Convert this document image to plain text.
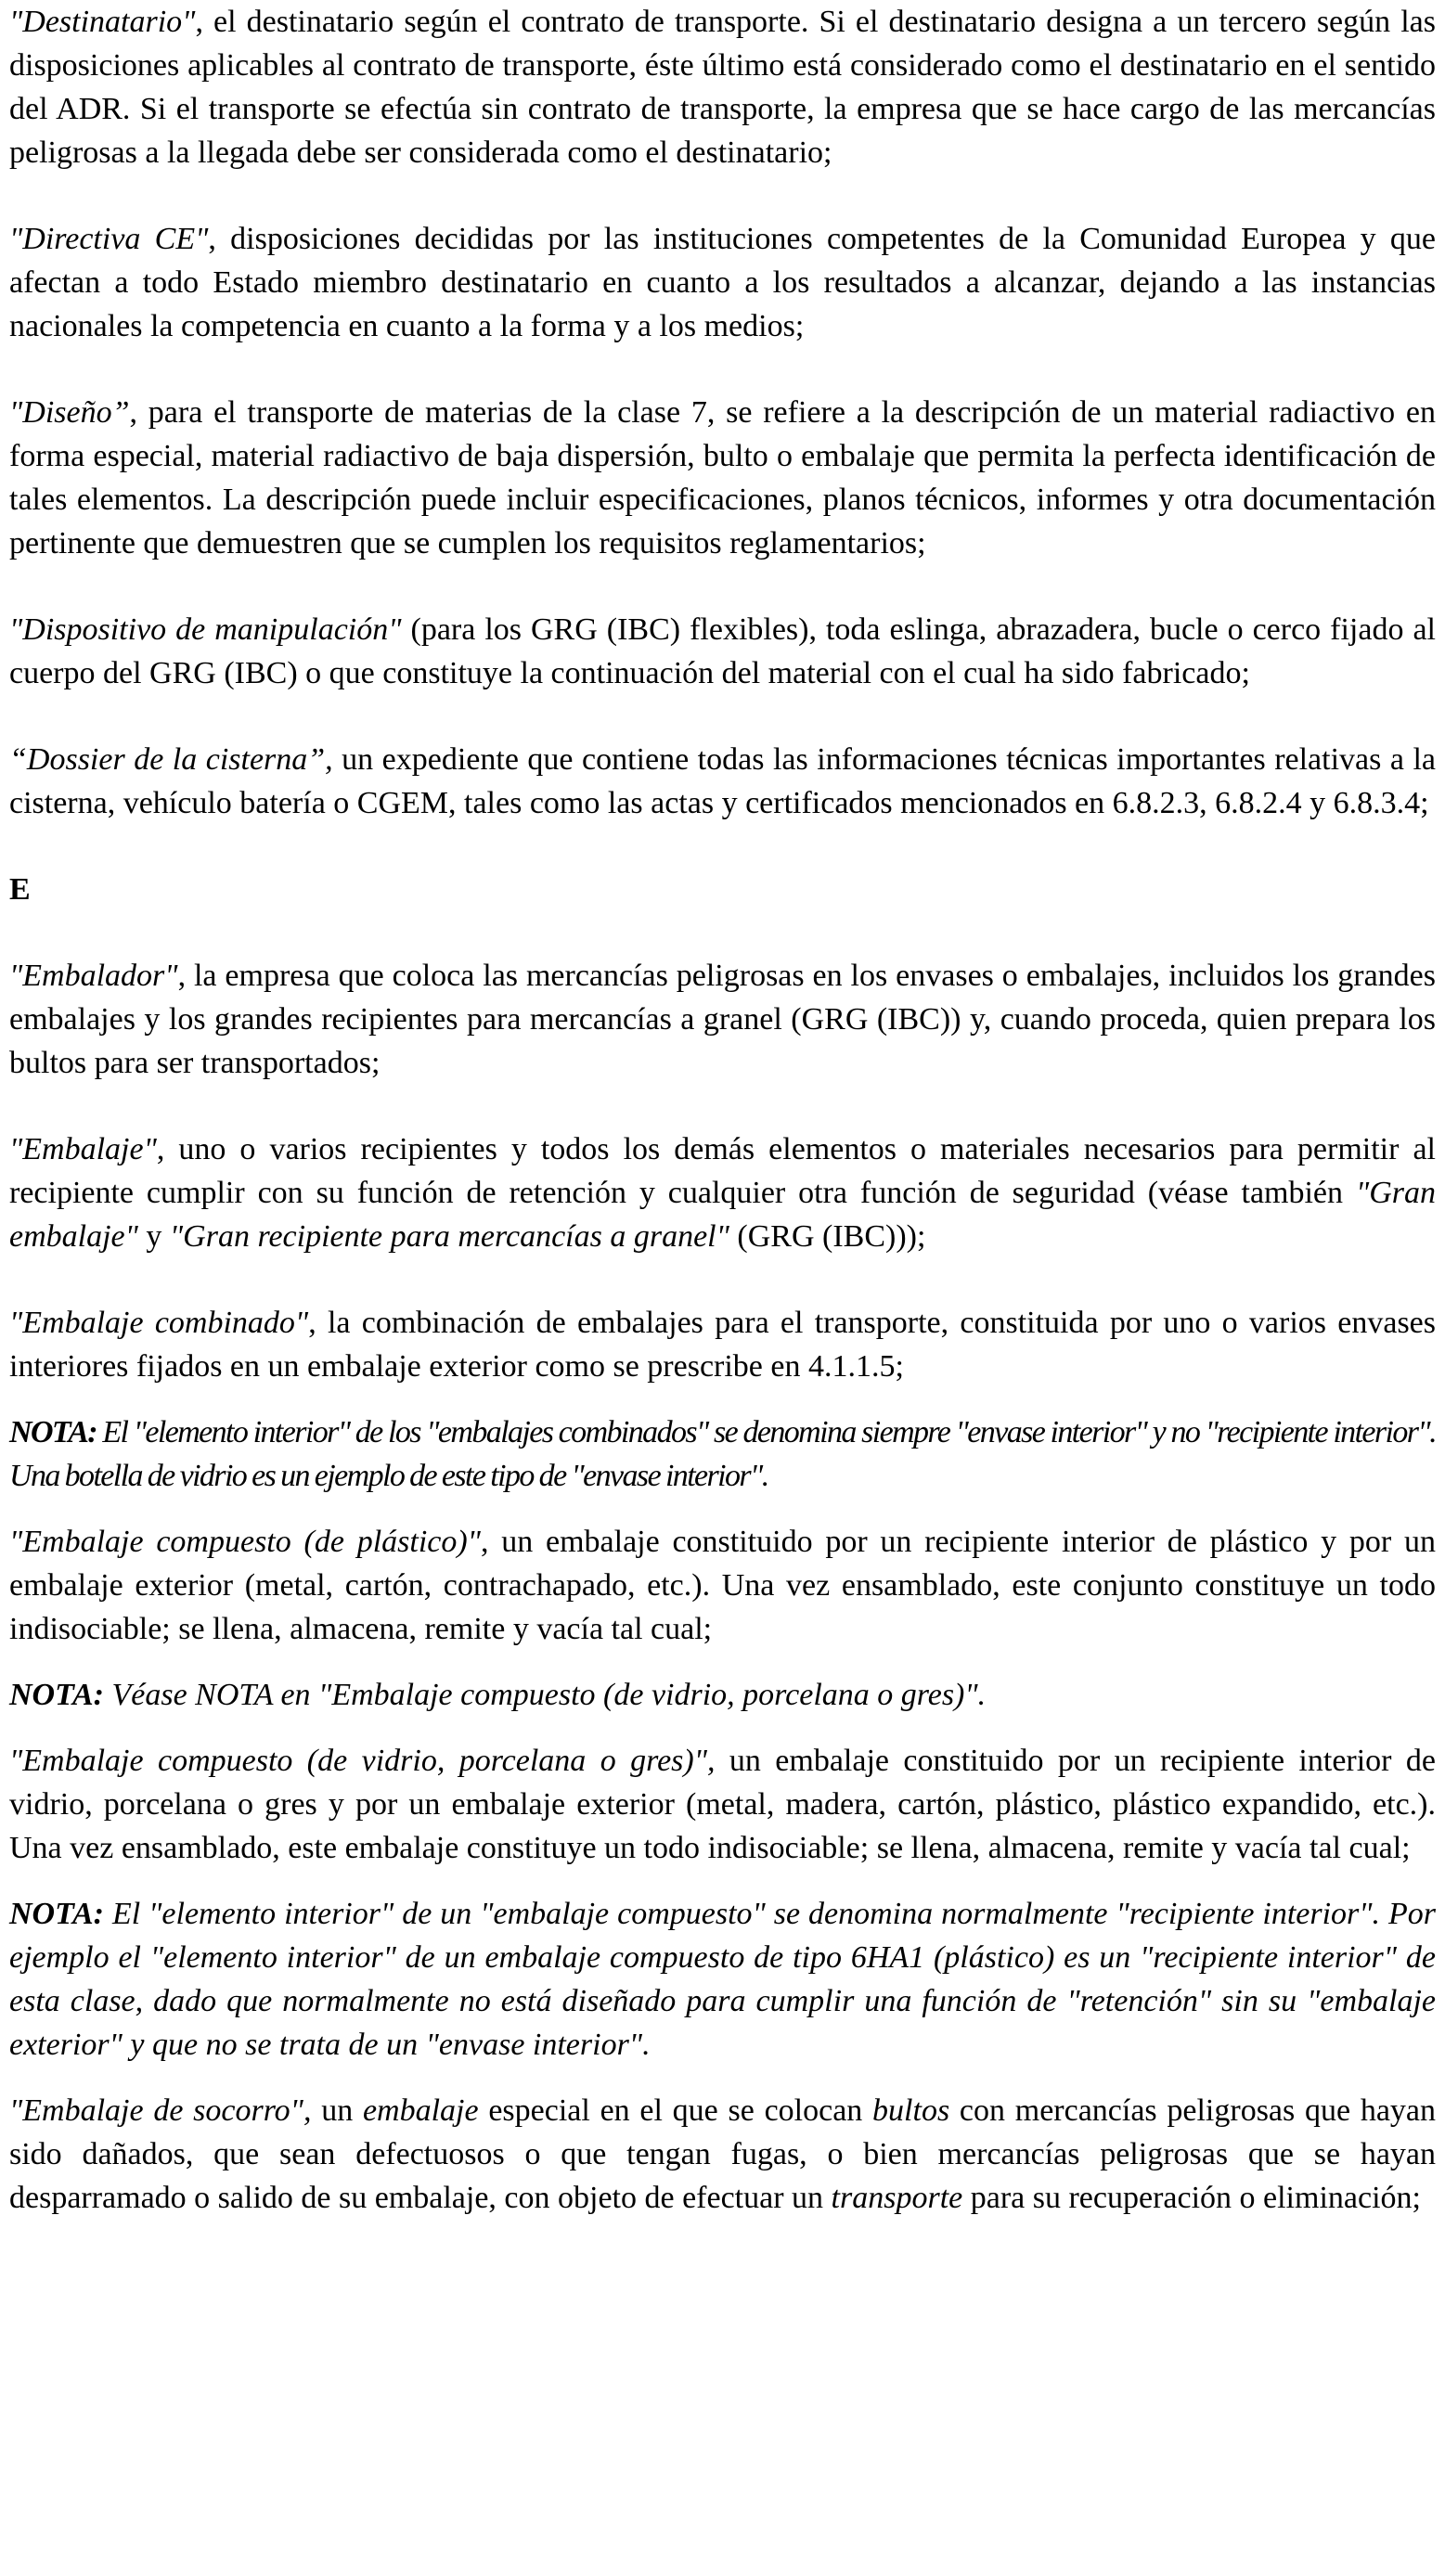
"Destinatario", el destinatario según el contrato de transporte. Si el destinatario designa a un tercero según las disposiciones aplicables al contrato de transporte, éste último está considerado como el destinatario en el sentido del ADR. Si el transporte se efectúa sin contrato de transporte, la empresa que se hace cargo de las mercancías peligrosas a la llegada debe ser considerada como el destinatario;

"Directiva CE", disposiciones decididas por las instituciones competentes de la Comunidad Europea y que afectan a todo Estado miembro destinatario en cuanto a los resultados a alcanzar, dejando a las instancias nacionales la competencia en cuanto a la forma y a los medios;

"Diseño”, para el transporte de materias de la clase 7, se refiere a la descripción de un material radiactivo en forma especial, material radiactivo de baja dispersión, bulto o embalaje que permita la perfecta identificación de tales elementos. La descripción puede incluir especificaciones, planos técnicos, informes y otra documentación pertinente que demuestren que se cumplen los requisitos reglamentarios;

"Dispositivo de manipulación" (para los GRG (IBC) flexibles), toda eslinga, abrazadera, bucle o cerco fijado al cuerpo del GRG (IBC) o que constituye la continuación del material con el cual ha sido fabricado;

“Dossier de la cisterna”, un expediente que contiene todas las informaciones técnicas importantes relativas a la cisterna, vehículo batería o CGEM, tales como las actas y certificados mencionados en 6.8.2.3, 6.8.2.4 y 6.8.3.4;

E

"Embalador", la empresa que coloca las mercancías peligrosas en los envases o embalajes, incluidos los grandes embalajes y los grandes recipientes para mercancías a granel (GRG (IBC)) y, cuando proceda, quien prepara los bultos para ser transportados;

"Embalaje", uno o varios recipientes y todos los demás elementos o materiales necesarios para permitir al recipiente cumplir con su función de retención y cualquier otra función de seguridad (véase también "Gran embalaje" y "Gran recipiente para mercancías a granel" (GRG (IBC)));

"Embalaje combinado", la combinación de embalajes para el transporte, constituida por uno o varios envases interiores fijados en un embalaje exterior como se prescribe en 4.1.1.5;

NOTA: El "elemento interior" de los "embalajes combinados" se denomina siempre "envase interior" y no "recipiente interior". Una botella de vidrio es un ejemplo de este tipo de "envase interior".

"Embalaje compuesto (de plástico)", un embalaje constituido por un recipiente interior de plástico y por un embalaje exterior (metal, cartón, contrachapado, etc.). Una vez ensamblado, este conjunto constituye un todo indisociable; se llena, almacena, remite y vacía tal cual;

NOTA: Véase NOTA en "Embalaje compuesto (de vidrio, porcelana o gres)".

"Embalaje compuesto (de vidrio, porcelana o gres)", un embalaje constituido por un recipiente interior de vidrio, porcelana o gres y por un embalaje exterior (metal, madera, cartón, plástico, plástico expandido, etc.). Una vez ensamblado, este embalaje constituye un todo indisociable; se llena, almacena, remite y vacía tal cual;

NOTA: El "elemento interior" de un "embalaje compuesto" se denomina normalmente "recipiente interior". Por ejemplo el "elemento interior" de un embalaje compuesto de tipo 6HA1 (plástico) es un "recipiente interior" de esta clase, dado que normalmente no está diseñado para cumplir una función de "retención" sin su "embalaje exterior" y que no se trata de un "envase interior".

"Embalaje de socorro", un embalaje especial en el que se colocan bultos con mercancías peligrosas que hayan sido dañados, que sean defectuosos o que tengan fugas, o bien mercancías peligrosas que se hayan desparramado o salido de su embalaje, con objeto de efectuar un transporte para su recuperación o eliminación;
